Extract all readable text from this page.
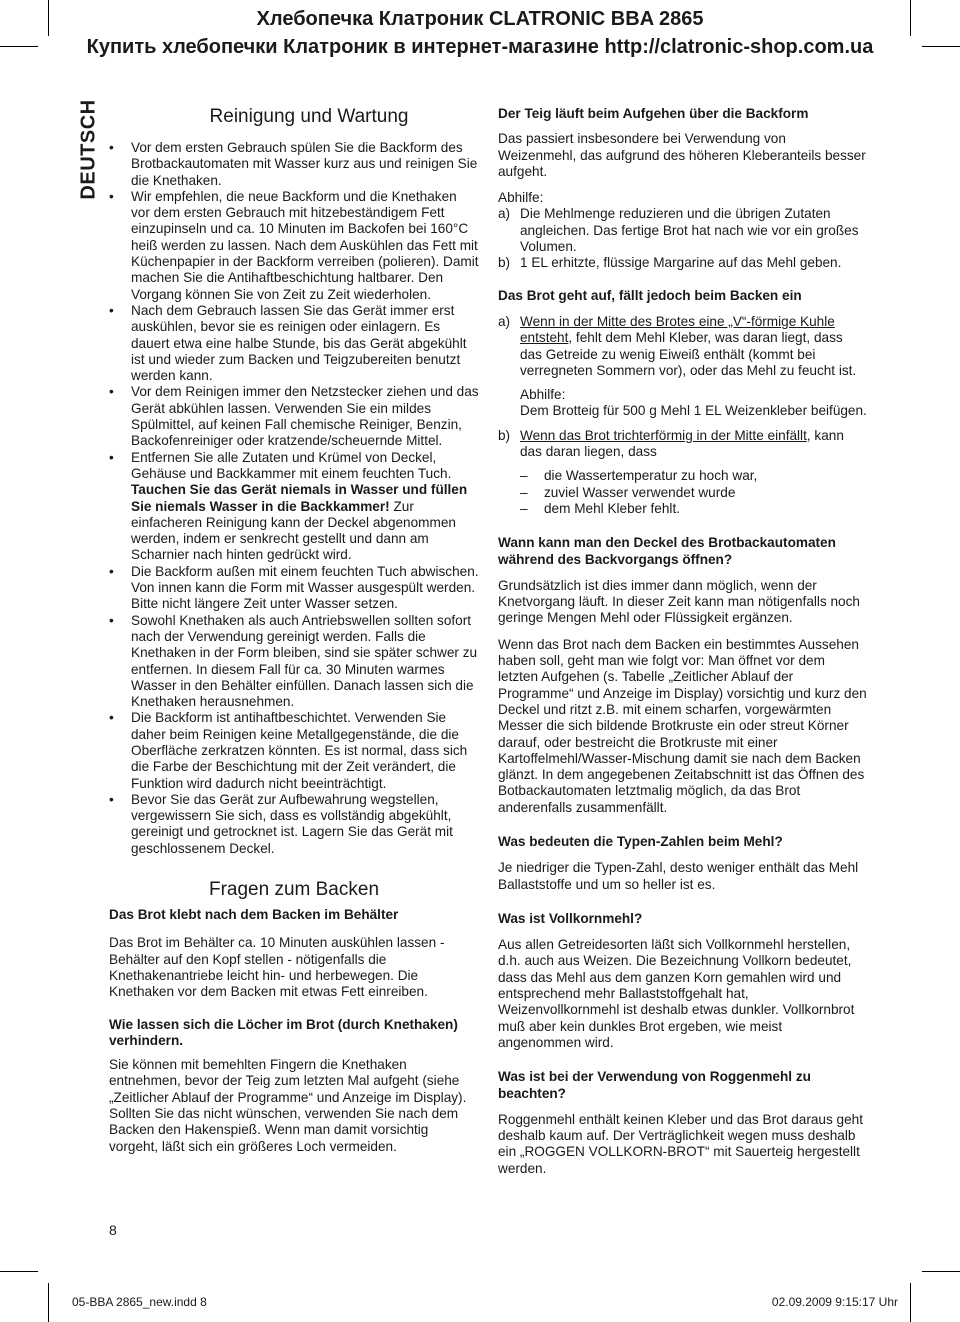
Хлебопечка Клатроник CLATRONIC BBA 2865
Купить хлебопечки Клатроник в интернет-магазине http://clatronic-shop.com.ua
DEUTSCH	Reinigung und Wartung
• Vor dem ersten Gebrauch spülen Sie die Backform des Brotbackautomaten mit Wasser kurz aus und reinigen Sie die Knethaken.
• Wir empfehlen, die neue Backform und die Knethaken vor dem ersten Gebrauch mit hitzebeständigem Fett einzupinseln und ca. 10 Minuten im Backofen bei 160°C heiß werden zu lassen. Nach dem Auskühlen das Fett mit Küchenpapier in der Backform verreiben (polieren). Damit machen Sie die Antihaftbeschichtung haltbarer. Den Vorgang können Sie von Zeit zu Zeit wiederholen.
• Nach dem Gebrauch lassen Sie das Gerät immer erst auskühlen, bevor sie es reinigen oder einlagern. Es dauert etwa eine halbe Stunde, bis das Gerät abgekühlt ist und wieder zum Backen und Teigzubereiten benutzt werden kann.
• Vor dem Reinigen immer den Netzstecker ziehen und das Gerät abkühlen lassen. Verwenden Sie ein mildes Spülmittel, auf keinen Fall chemische Reiniger, Benzin, Backofenreiniger oder kratzende/scheuernde Mittel.
• Entfernen Sie alle Zutaten und Krümel von Deckel, Gehäuse und Backkammer mit einem feuchten Tuch. Tauchen Sie das Gerät niemals in Wasser und füllen Sie niemals Wasser in die Backkammer! Zur einfacheren Reinigung kann der Deckel abgenommen werden, indem er senkrecht gestellt und dann am Scharnier nach hinten gedrückt wird.
• Die Backform außen mit einem feuchten Tuch abwischen. Von innen kann die Form mit Wasser ausgespült werden. Bitte nicht längere Zeit unter Wasser setzen.
• Sowohl Knethaken als auch Antriebswellen sollten sofort nach der Verwendung gereinigt werden. Falls die Knethaken in der Form bleiben, sind sie später schwer zu entfernen. In diesem Fall für ca. 30 Minuten warmes Wasser in den Behälter einfüllen. Danach lassen sich die Knethaken herausnehmen.
• Die Backform ist antihaftbeschichtet. Verwenden Sie daher beim Reinigen keine Metallgegenstände, die die Oberfläche zerkratzen könnten. Es ist normal, dass sich die Farbe der Beschichtung mit der Zeit verändert, die Funktion wird dadurch nicht beeinträchtigt.
• Bevor Sie das Gerät zur Aufbewahrung wegstellen, vergewissern Sie sich, dass es vollständig abgekühlt, gereinigt und getrocknet ist. Lagern Sie das Gerät mit geschlossenem Deckel.
Fragen zum Backen

Das Brot klebt nach dem Backen im Behälter

Das Brot im Behälter ca. 10 Minuten auskühlen lassen - Behälter auf den Kopf stellen - nötigenfalls die Knethakenantriebe leicht hin- und herbewegen. Die Knethaken vor dem Backen mit etwas Fett einreiben.

Wie lassen sich die Löcher im Brot (durch Knethaken) verhindern.

Sie können mit bemehlten Fingern die Knethaken entnehmen, bevor der Teig zum letzten Mal aufgeht (siehe „Zeitlicher Ablauf der Programme“ und Anzeige im Display). Sollten Sie das nicht wünschen, verwenden Sie nach dem Backen den Hakenspieß. Wenn man damit vorsichtig vorgeht, läßt sich ein größeres Loch vermeiden.

8

Der Teig läuft beim Aufgehen über die Backform

Das passiert insbesondere bei Verwendung von Weizenmehl, das aufgrund des höheren Kleberanteils besser aufgeht.

Abhilfe:

a) Die Mehlmenge reduzieren und die übrigen Zutaten angleichen. Das fertige Brot hat nach wie vor ein großes Volumen.
b) 1 EL erhitzte, flüssige Margarine auf das Mehl geben.

Das Brot geht auf, fällt jedoch beim Backen ein

a) Wenn in der Mitte des Brotes eine „V“-förmige Kuhle entsteht, fehlt dem Mehl Kleber, was daran liegt, dass das Getreide zu wenig Eiweiß enthält (kommt bei verregneten Sommern vor), oder das Mehl zu feucht ist.

Abhilfe:

Dem Brotteig für 500 g Mehl 1 EL Weizenkleber beifügen.

b) Wenn das Brot trichterförmig in der Mitte einfällt, kann das daran liegen, dass
– die Wassertemperatur zu hoch war,
– zuviel Wasser verwendet wurde
– dem Mehl Kleber fehlt.

Wann kann man den Deckel des Brotbackautomaten während des Backvorgangs öffnen?

Grundsätzlich ist dies immer dann möglich, wenn der Knetvorgang läuft. In dieser Zeit kann man nötigenfalls noch geringe Mengen Mehl oder Flüssigkeit ergänzen.

Wenn das Brot nach dem Backen ein bestimmtes Aussehen haben soll, geht man wie folgt vor: Man öffnet vor dem letzten Aufgehen (s. Tabelle „Zeitlicher Ablauf der Programme“ und Anzeige im Display) vorsichtig und kurz den Deckel und ritzt z.B. mit einem scharfen, vorgewärmten Messer die sich bildende Brotkruste ein oder streut Körner darauf, oder bestreicht die Brotkruste mit einer Kartoffelmehl/Wasser-Mischung damit sie nach dem Backen glänzt. In dem angegebenen Zeitabschnitt ist das Öffnen des Botbackautomaten letztmalig möglich, da das Brot anderenfalls zusammenfällt.

Was bedeuten die Typen-Zahlen beim Mehl?

Je niedriger die Typen-Zahl, desto weniger enthält das Mehl Ballaststoffe und um so heller ist es.

Was ist Vollkornmehl?

Aus allen Getreidesorten läßt sich Vollkornmehl herstellen, d.h. auch aus Weizen. Die Bezeichnung Vollkorn bedeutet, dass das Mehl aus dem ganzen Korn gemahlen wird und entsprechend mehr Ballaststoffgehalt hat, Weizenvollkornmehl ist deshalb etwas dunkler. Vollkornbrot muß aber kein dunkles Brot ergeben, wie meist angenommen wird.

Was ist bei der Verwendung von Roggenmehl zu beachten?

Roggenmehl enthält keinen Kleber und das Brot daraus geht deshalb kaum auf. Der Verträglichkeit wegen muss deshalb ein „ROGGEN VOLLKORN-BROT“ mit Sauerteig hergestellt werden.

05-BBA 2865_new.indd 8	02.09.2009 9:15:17 Uhr
